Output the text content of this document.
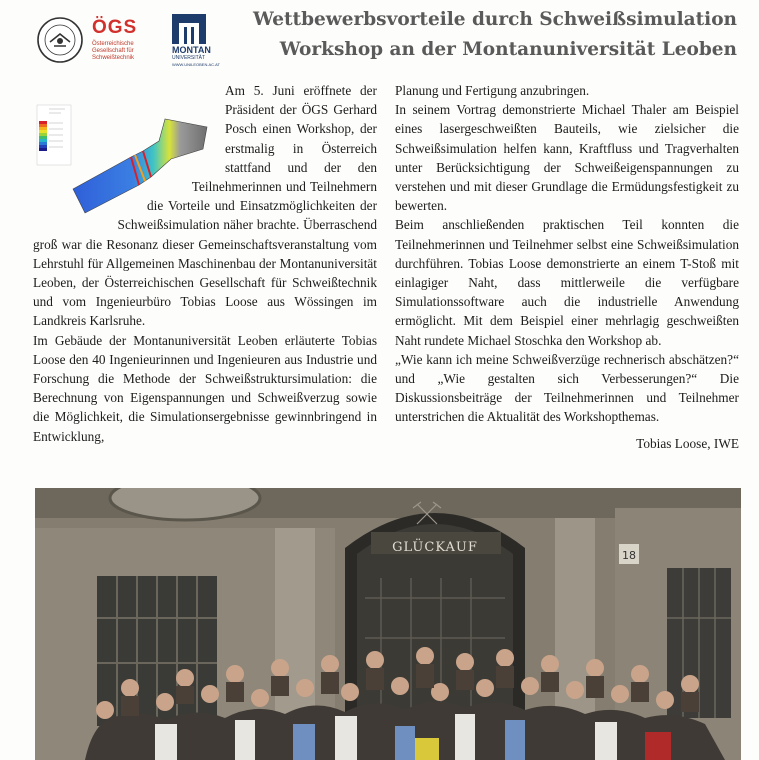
ÖGS
Österreichische Gesellschaft für Schweißtechnik
MONTAN
UNIVERSITÄT
WWW.UNILEOBEN.AC.AT
Wettbewerbsvorteile durch Schweißsimulation
Workshop an der Montanuniversität Leoben

Am 5. Juni eröffnete der Präsident der ÖGS Gerhard Posch einen Workshop, der erstmalig in Österreich stattfand und der den Teilnehmerinnen und Teilnehmern die Vorteile und Einsatzmöglichkeiten der Schweißsimulation näher brachte. Überraschend groß war die Resonanz dieser Gemeinschaftsveranstaltung vom Lehrstuhl für Allgemeinen Maschinenbau der Montanuniversität Leoben, der Österreichischen Gesellschaft für Schweißtechnik und vom Ingenieurbüro Tobias Loose aus Wössingen im Landkreis Karlsruhe.

Im Gebäude der Montanuniversität Leoben erläuterte Tobias Loose den 40 Ingenieurinnen und Ingenieuren aus Industrie und Forschung die Methode der Schweißstruktursimulation: die Berechnung von Eigenspannungen und Schweißverzug sowie die Möglichkeit, die Simulationsergebnisse gewinnbringend in Entwicklung,

Planung und Fertigung anzubringen.

In seinem Vortrag demonstrierte Michael Thaler am Beispiel eines lasergeschweißten Bauteils, wie zielsicher die Schweißsimulation helfen kann, Kraftfluss und Tragverhalten unter Berücksichtigung der Schweißeigenspannungen zu verstehen und mit dieser Grundlage die Ermüdungsfestigkeit zu bewerten.

Beim anschließenden praktischen Teil konnten die Teilnehmerinnen und Teilnehmer selbst eine Schweißsimulation durchführen. Tobias Loose demonstrierte an einem T-Stoß mit einlagiger Naht, dass mittlerweile die verfügbare Simulationssoftware auch die industrielle Anwendung ermöglicht. Mit dem Beispiel einer mehrlagig geschweißten Naht rundete Michael Stoschka den Workshop ab.

„Wie kann ich meine Schweißverzüge rechnerisch abschätzen?“ und „Wie gestalten sich Verbesserungen?“ Die Diskussionsbeiträge der Teilnehmerinnen und Teilnehmer unterstrichen die Aktualität des Workshopthemas.

Tobias Loose, IWE

GLÜCKAUF
18
